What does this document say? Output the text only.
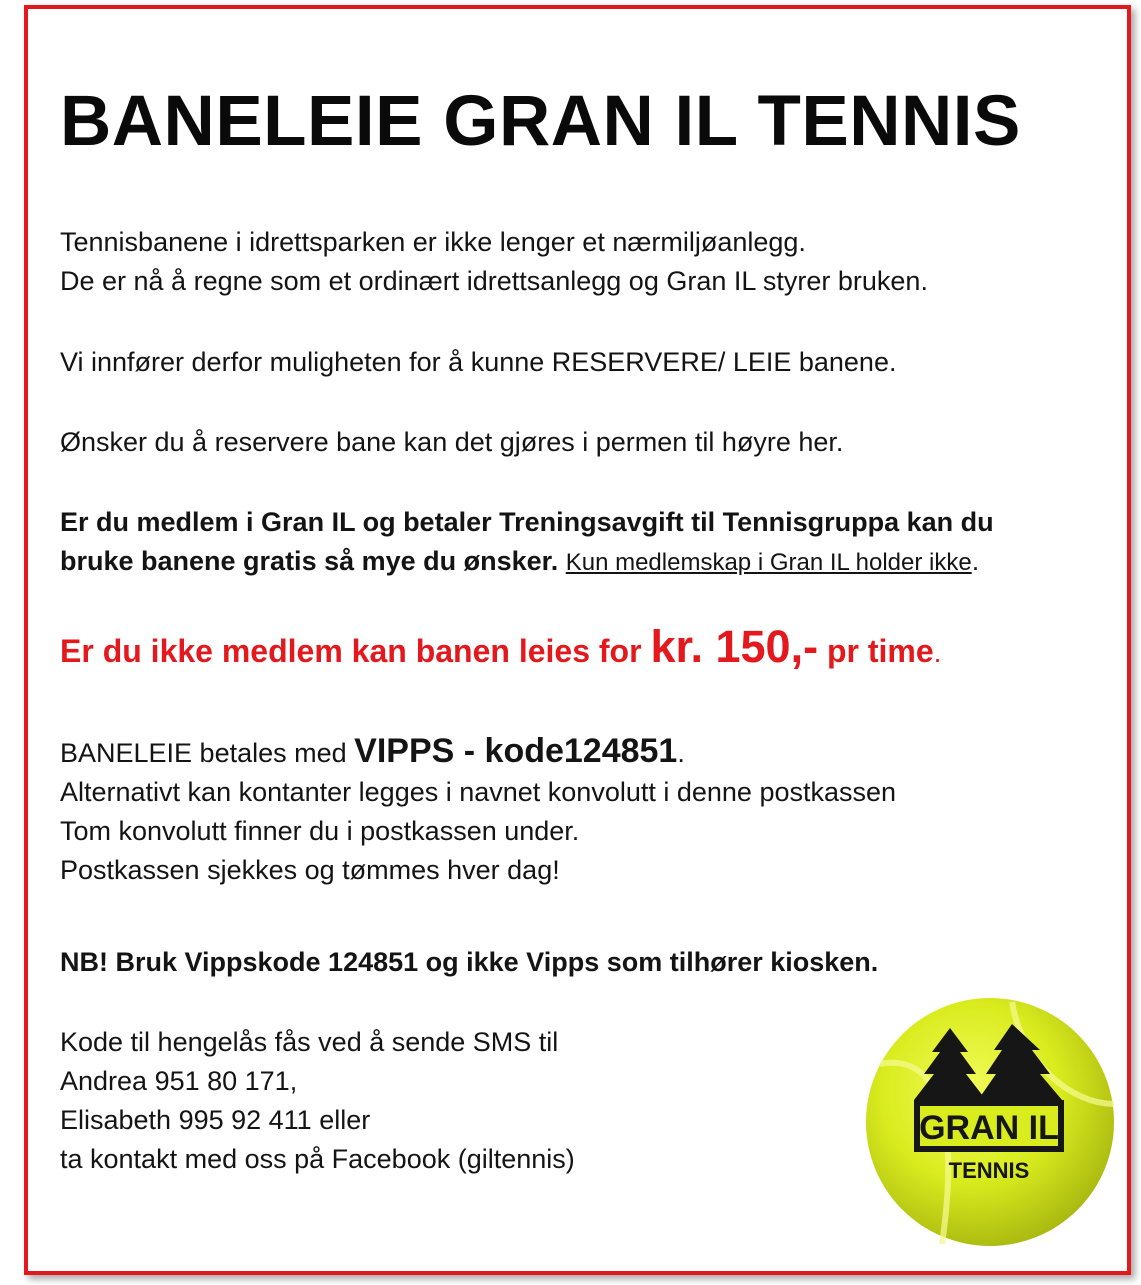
BANELEIE GRAN IL TENNIS
Tennisbanene i idrettsparken er ikke lenger et nærmiljøanlegg.
De er nå å regne som et ordinært idrettsanlegg og Gran IL styrer bruken.
Vi innfører derfor muligheten for å kunne RESERVERE/ LEIE banene.
Ønsker du å reservere bane kan det gjøres i permen til høyre her.
Er du medlem i Gran IL og betaler Treningsavgift til Tennisgruppa kan du
bruke banene gratis så mye du ønsker. Kun medlemskap i Gran IL holder ikke.
Er du ikke medlem kan banen leies for kr. 150,- pr time.
BANELEIE betales med VIPPS - kode124851.
Alternativt kan kontanter legges i navnet konvolutt i denne postkassen
Tom konvolutt finner du i postkassen under.
Postkassen sjekkes og tømmes hver dag!
NB! Bruk Vippskode 124851 og ikke Vipps som tilhører kiosken.
Kode til hengelås fås ved å sende SMS til
Andrea 951 80 171,
Elisabeth 995 92 411 eller
ta kontakt med oss på Facebook (giltennis)
GRAN IL
TENNIS
